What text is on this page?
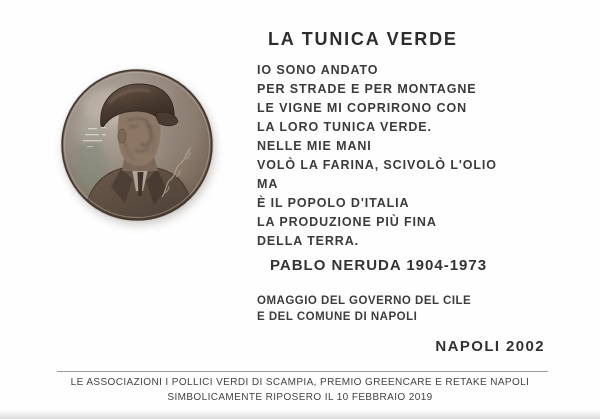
LA TUNICA VERDE
IO SONO ANDATO
PER STRADE E PER MONTAGNE
LE VIGNE MI COPRIRONO CON
LA LORO TUNICA VERDE.
NELLE MIE MANI
VOLÒ LA FARINA, SCIVOLÒ L'OLIO
MA
È IL POPOLO D'ITALIA
LA PRODUZIONE PIÙ FINA
DELLA TERRA.
PABLO NERUDA 1904-1973
OMAGGIO DEL GOVERNO DEL CILE
E DEL COMUNE DI NAPOLI
NAPOLI 2002
LE ASSOCIAZIONI I POLLICI VERDI DI SCAMPIA, PREMIO GREENCARE E RETAKE NAPOLI
SIMBOLICAMENTE RIPOSERO IL 10 FEBBRAIO 2019
